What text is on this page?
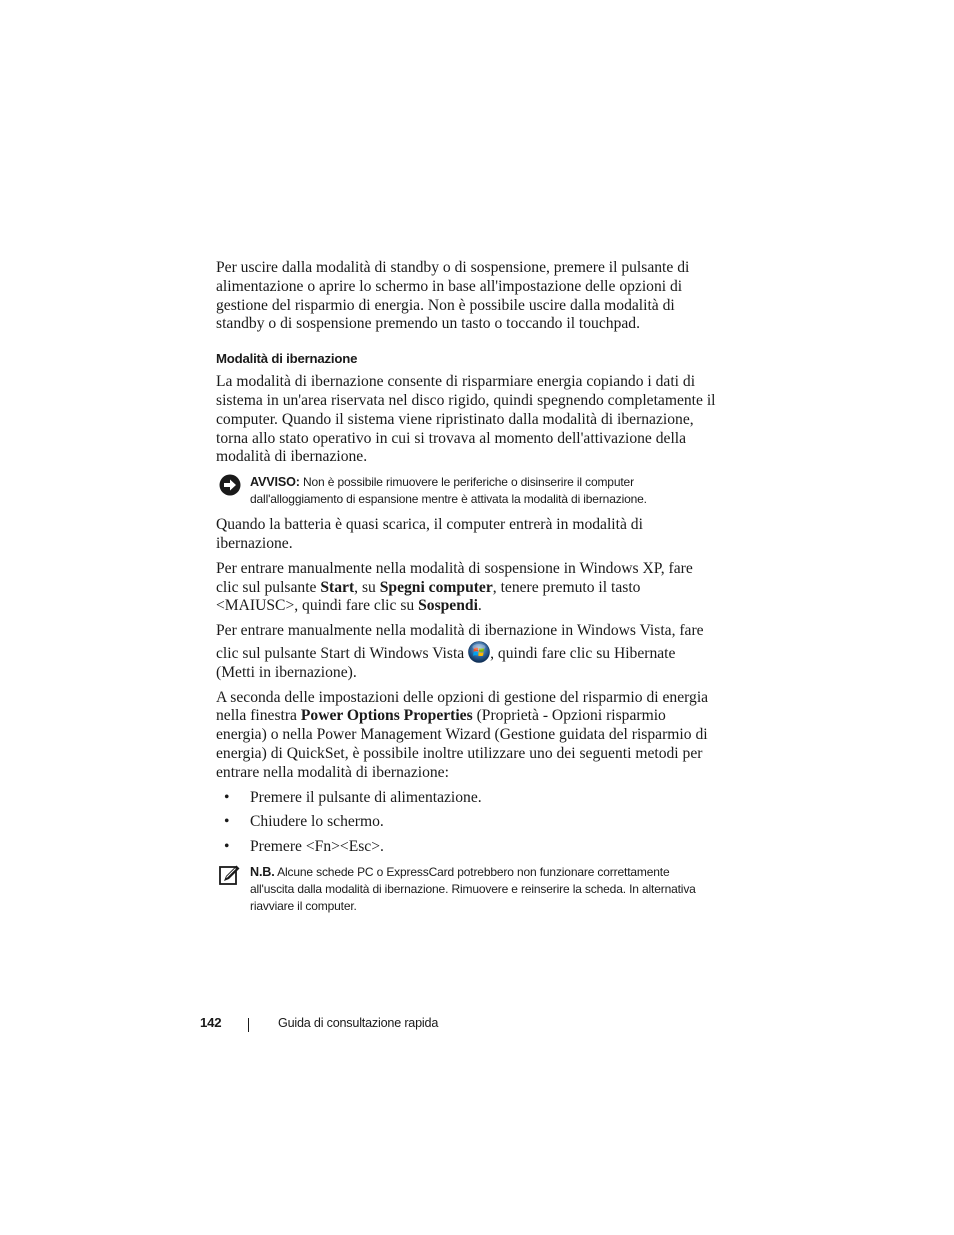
Per uscire dalla modalità di standby o di sospensione, premere il pulsante di alimentazione o aprire lo schermo in base all'impostazione delle opzioni di gestione del risparmio di energia. Non è possibile uscire dalla modalità di standby o di sospensione premendo un tasto o toccando il touchpad.

Modalità di ibernazione

La modalità di ibernazione consente di risparmiare energia copiando i dati di sistema in un'area riservata nel disco rigido, quindi spegnendo completamente il computer. Quando il sistema viene ripristinato dalla modalità di ibernazione, torna allo stato operativo in cui si trovava al momento dell'attivazione della modalità di ibernazione.

AVVISO: Non è possibile rimuovere le periferiche o disinserire il computer dall'alloggiamento di espansione mentre è attivata la modalità di ibernazione.

Quando la batteria è quasi scarica, il computer entrerà in modalità di ibernazione.

Per entrare manualmente nella modalità di sospensione in Windows XP, fare clic sul pulsante Start, su Spegni computer, tenere premuto il tasto <MAIUSC>, quindi fare clic su Sospendi.

Per entrare manualmente nella modalità di ibernazione in Windows Vista, fare clic sul pulsante Start di Windows Vista , quindi fare clic su Hibernate (Metti in ibernazione).

A seconda delle impostazioni delle opzioni di gestione del risparmio di energia nella finestra Power Options Properties (Proprietà - Opzioni risparmio energia) o nella Power Management Wizard (Gestione guidata del risparmio di energia) di QuickSet, è possibile inoltre utilizzare uno dei seguenti metodi per entrare nella modalità di ibernazione:

• Premere il pulsante di alimentazione.
• Chiudere lo schermo.
• Premere <Fn><Esc>.
N.B. Alcune schede PC o ExpressCard potrebbero non funzionare correttamente all'uscita dalla modalità di ibernazione. Rimuovere e reinserire la scheda. In alternativa riavviare il computer.
142	Guida di consultazione rapida
